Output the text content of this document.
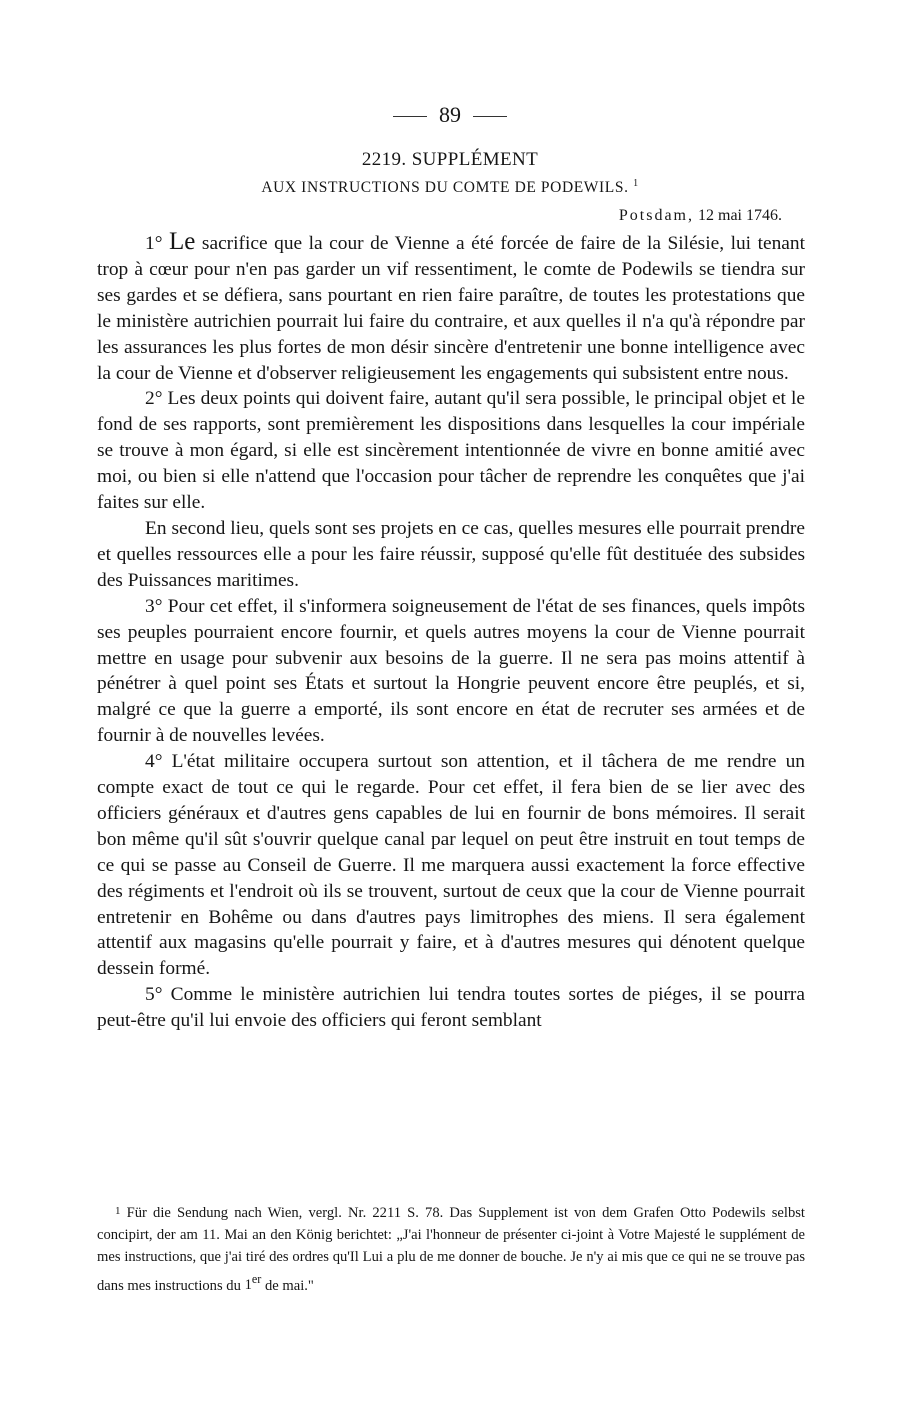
89
2219. SUPPLÉMENT
AUX INSTRUCTIONS DU COMTE DE PODEWILS. $^1$
Potsdam, 12 mai 1746.

1° Le sacrifice que la cour de Vienne a été forcée de faire de la Silésie, lui tenant trop à cœur pour n'en pas garder un vif ressentiment, le comte de Podewils se tiendra sur ses gardes et se défiera, sans pourtant en rien faire paraître, de toutes les protestations que le ministère autrichien pourrait lui faire du contraire, et aux quelles il n'a qu'à répondre par les assurances les plus fortes de mon désir sincère d'entretenir une bonne intelligence avec la cour de Vienne et d'observer religieusement les engagements qui subsistent entre nous.

2° Les deux points qui doivent faire, autant qu'il sera possible, le principal objet et le fond de ses rapports, sont premièrement les dispositions dans lesquelles la cour impériale se trouve à mon égard, si elle est sincèrement intentionnée de vivre en bonne amitié avec moi, ou bien si elle n'attend que l'occasion pour tâcher de reprendre les conquêtes que j'ai faites sur elle.

En second lieu, quels sont ses projets en ce cas, quelles mesures elle pourrait prendre et quelles ressources elle a pour les faire réussir, supposé qu'elle fût destituée des subsides des Puissances maritimes.

3° Pour cet effet, il s'informera soigneusement de l'état de ses finances, quels impôts ses peuples pourraient encore fournir, et quels autres moyens la cour de Vienne pourrait mettre en usage pour subvenir aux besoins de la guerre. Il ne sera pas moins attentif à pénétrer à quel point ses États et surtout la Hongrie peuvent encore être peuplés, et si, malgré ce que la guerre a emporté, ils sont encore en état de recruter ses armées et de fournir à de nouvelles levées.

4° L'état militaire occupera surtout son attention, et il tâchera de me rendre un compte exact de tout ce qui le regarde. Pour cet effet, il fera bien de se lier avec des officiers généraux et d'autres gens capables de lui en fournir de bons mémoires. Il serait bon même qu'il sût s'ouvrir quelque canal par lequel on peut être instruit en tout temps de ce qui se passe au Conseil de Guerre. Il me marquera aussi exactement la force effective des régiments et l'endroit où ils se trouvent, surtout de ceux que la cour de Vienne pourrait entretenir en Bohême ou dans d'autres pays limitrophes des miens. Il sera également attentif aux magasins qu'elle pourrait y faire, et à d'autres mesures qui dénotent quelque dessein formé.

5° Comme le ministère autrichien lui tendra toutes sortes de piéges, il se pourra peut-être qu'il lui envoie des officiers qui feront semblant

$^1$ Für die Sendung nach Wien, vergl. Nr. 2211 S. 78. Das Supplement ist von dem Grafen Otto Podewils selbst concipirt, der am 11. Mai an den König berichtet: „J'ai l'honneur de présenter ci-joint à Votre Majesté le supplément de mes instructions, que j'ai tiré des ordres qu'Il Lui a plu de me donner de bouche. Je n'y ai mis que ce qui ne se trouve pas dans mes instructions du 1er de mai."
